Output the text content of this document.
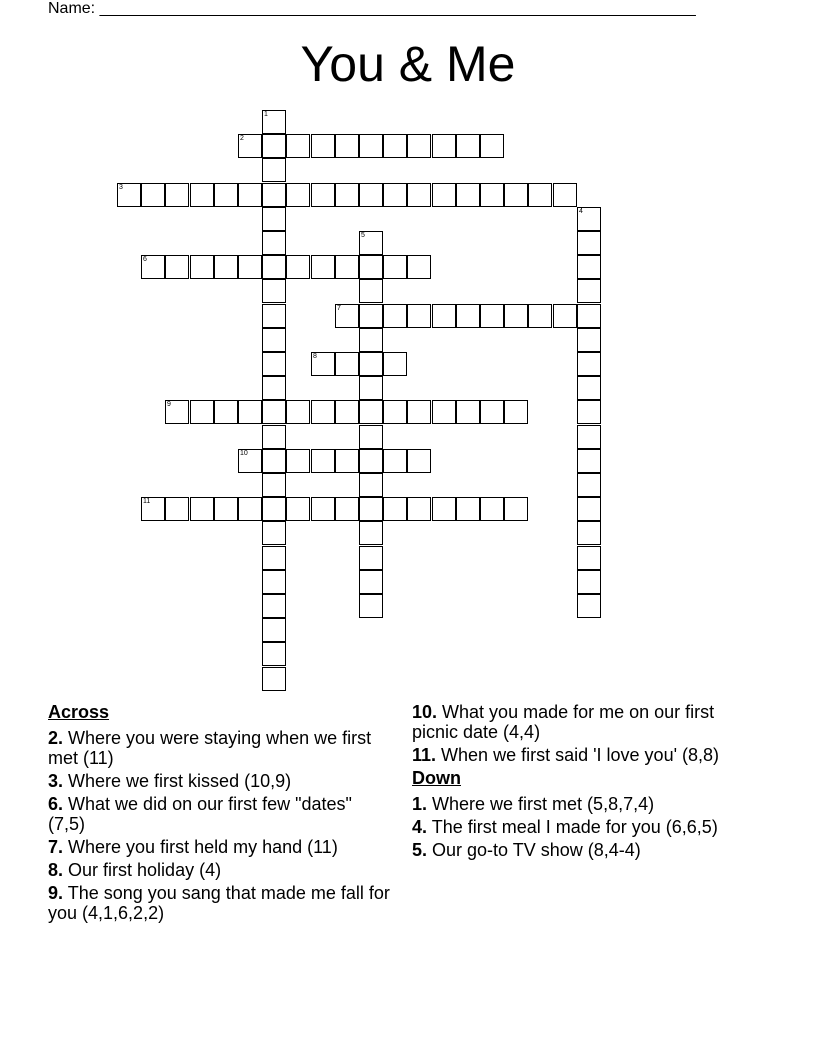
Name: ___________________________________________________________________
You & Me
1
2
3
4
5
6
7
8
9
10
11
Across
2. Where you were staying when we first met (11)
3. Where we first kissed (10,9)
6. What we did on our first few "dates" (7,5)
7. Where you first held my hand (11)
8. Our first holiday (4)
9. The song you sang that made me fall for you (4,1,6,2,2)
10. What you made for me on our first picnic date (4,4)
11. When we first said 'I love you' (8,8)
Down
1. Where we first met (5,8,7,4)
4. The first meal I made for you (6,6,5)
5. Our go-to TV show (8,4-4)
